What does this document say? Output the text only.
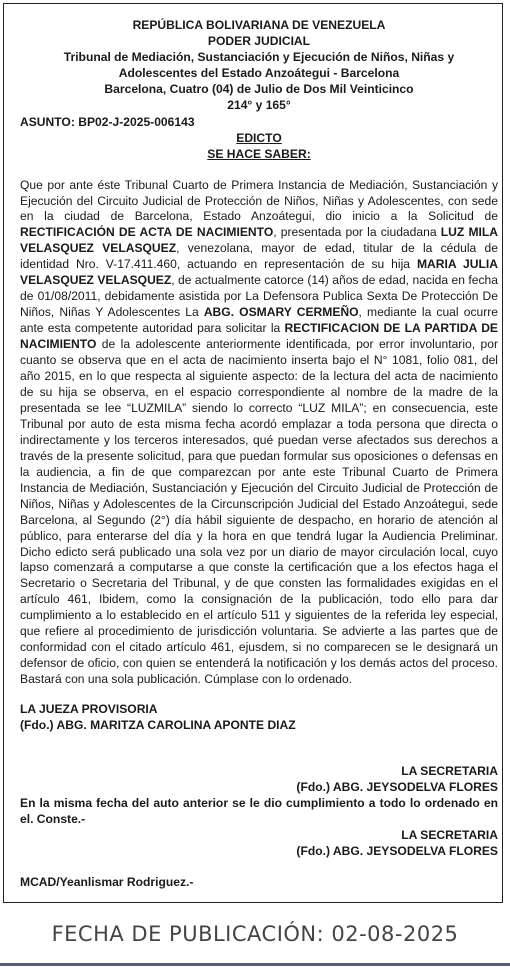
REPÚBLICA BOLIVARIANA DE VENEZUELA
PODER JUDICIAL
Tribunal de Mediación, Sustanciación y Ejecución de Niños, Niñas y
Adolescentes del Estado Anzoátegui - Barcelona
Barcelona, Cuatro (04) de Julio de Dos Mil Veinticinco
214° y 165°
ASUNTO: BP02-J-2025-006143
EDICTO
SE HACE SABER:
Que por ante éste Tribunal Cuarto de Primera Instancia de Mediación, Sustanciación y Ejecución del Circuito Judicial de Protección de Niños, Niñas y Adolescentes, con sede en la ciudad de Barcelona, Estado Anzoátegui, dio inicio a la Solicitud de RECTIFICACIÓN DE ACTA DE NACIMIENTO, presentada por la ciudadana LUZ MILA VELASQUEZ VELASQUEZ, venezolana, mayor de edad, titular de la cédula de identidad Nro. V-17.411.460, actuando en representación de su hija MARIA JULIA VELASQUEZ VELASQUEZ, de actualmente catorce (14) años de edad, nacida en fecha de 01/08/2011, debidamente asistida por La Defensora Publica Sexta De Protección De Niños, Niñas Y Adolescentes La ABG. OSMARY CERMEÑO, mediante la cual ocurre ante esta competente autoridad para solicitar la RECTIFICACION DE LA PARTIDA DE NACIMIENTO de la adolescente anteriormente identificada, por error involuntario, por cuanto se observa que en el acta de nacimiento inserta bajo el N° 1081, folio 081, del año 2015, en lo que respecta al siguiente aspecto: de la lectura del acta de nacimiento de su hija se observa, en el espacio correspondiente al nombre de la madre de la presentada se lee “LUZMILA” siendo lo correcto “LUZ MILA”; en consecuencia, este Tribunal por auto de esta misma fecha acordó emplazar a toda persona que directa o indirectamente y los terceros interesados, qué puedan verse afectados sus derechos a través de la presente solicitud, para que puedan formular sus oposiciones o defensas en la audiencia, a fin de que comparezcan por ante este Tribunal Cuarto de Primera Instancia de Mediación, Sustanciación y Ejecución del Circuito Judicial de Protección de Niños, Niñas y Adolescentes de la Circunscripción Judicial del Estado Anzoátegui, sede Barcelona, al Segundo (2°) día hábil siguiente de despacho, en horario de atención al público, para enterarse del día y la hora en que tendrá lugar la Audiencia Preliminar. Dicho edicto será publicado una sola vez por un diario de mayor circulación local, cuyo lapso comenzará a computarse a que conste la certificación que a los efectos haga el Secretario o Secretaria del Tribunal, y de que consten las formalidades exigidas en el artículo 461, Ibidem, como la consignación de la publicación, todo ello para dar cumplimiento a lo establecido en el artículo 511 y siguientes de la referida ley especial, que refiere al procedimiento de jurisdicción voluntaria. Se advierte a las partes que de conformidad con el citado artículo 461, ejusdem, si no comparecen se le designará un defensor de oficio, con quien se entenderá la notificación y los demás actos del proceso. Bastará con una sola publicación. Cúmplase con lo ordenado.
LA JUEZA PROVISORIA
(Fdo.) ABG. MARITZA CAROLINA APONTE DIAZ
LA SECRETARIA
(Fdo.) ABG. JEYSODELVA FLORES
En la misma fecha del auto anterior se le dio cumplimiento a todo lo ordenado en el. Conste.-
LA SECRETARIA
(Fdo.) ABG. JEYSODELVA FLORES
MCAD/Yeanlismar Rodriguez.-
FECHA DE PUBLICACIÓN: 02-08-2025
